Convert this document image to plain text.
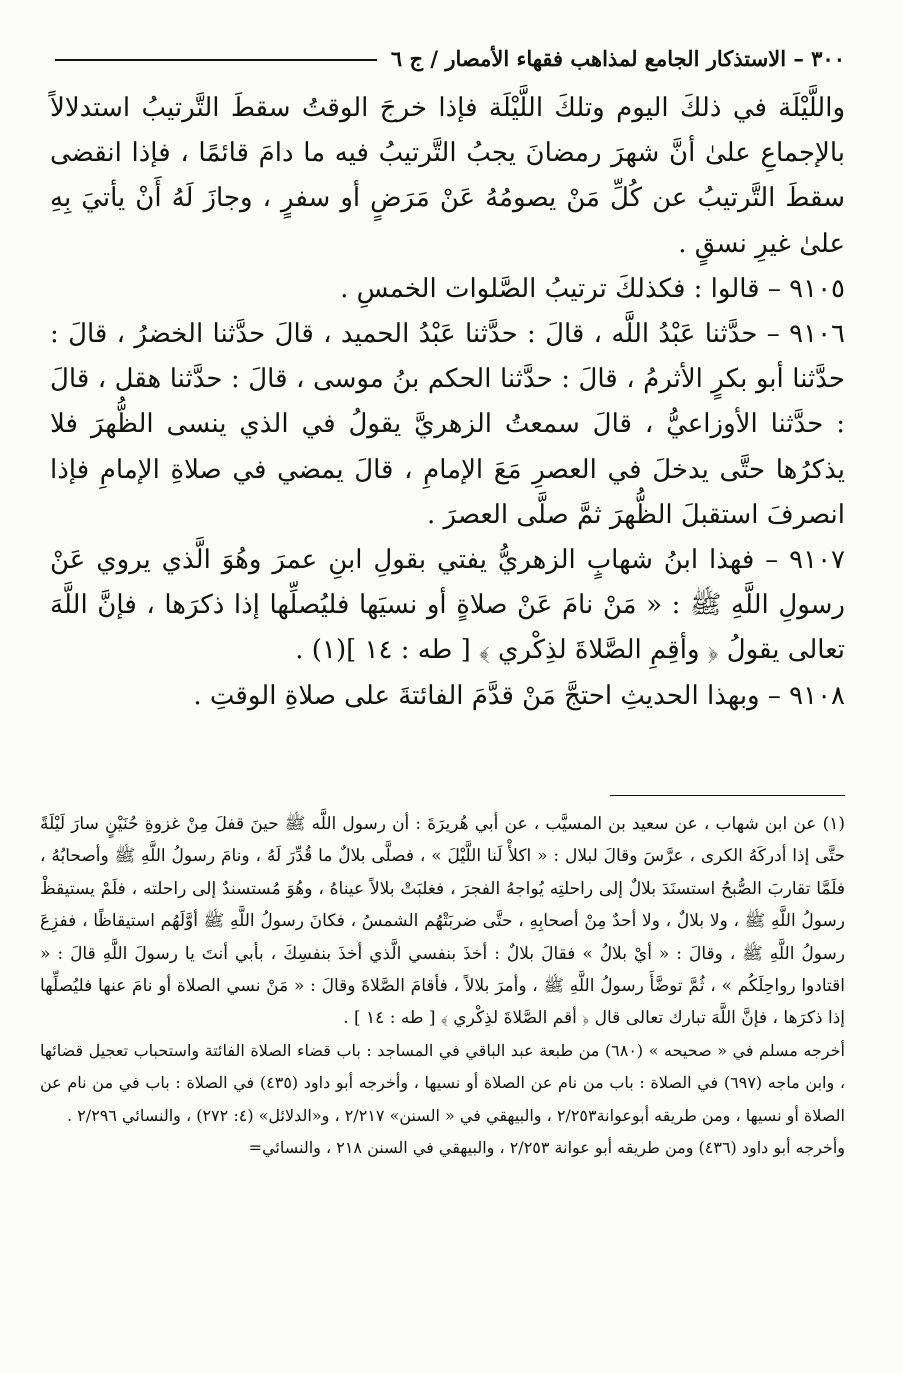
٣٠٠ – الاستذكار الجامع لمذاهب فقهاء الأمصار / ج ٦

واللَّيْلَة في ذلكَ اليوم وتلكَ اللَّيْلَة فإذا خرجَ الوقتُ سقطَ التَّرتيبُ استدلالاً بالإجماعِ علىٰ أنَّ شهرَ رمضانَ يجبُ التَّرتيبُ فيه ما دامَ قائمًا ، فإذا انقضى سقطَ التَّرتيبُ عن كُلِّ مَنْ يصومُهُ عَنْ مَرَضٍ أو سفرٍ ، وجازَ لَهُ أَنْ يأتيَ بِهِ علىٰ غيرِ نسقٍ .

٩١٠٥ – قالوا : فكذلكَ ترتيبُ الصَّلوات الخمسِ .

٩١٠٦ – حدَّثنا عَبْدُ اللَّه ، قالَ : حدَّثنا عَبْدُ الحميد ، قالَ حدَّثنا الخضرُ ، قالَ : حدَّثنا أبو بكرٍ الأثرمُ ، قالَ : حدَّثنا الحكم بنُ موسى ، قالَ : حدَّثنا هقل ، قالَ : حدَّثنا الأوزاعيُّ ، قالَ سمعتُ الزهريَّ يقولُ في الذي ينسى الظُّهرَ فلا يذكرُها حتَّى يدخلَ في العصرِ مَعَ الإمامِ ، قالَ يمضي في صلاةِ الإمامِ فإذا انصرفَ استقبلَ الظُّهرَ ثمَّ صلَّى العصرَ .

٩١٠٧ – فهذا ابنُ شهابٍ الزهريُّ يفتي بقولِ ابنِ عمرَ وهُوَ الَّذي يروي عَنْ رسولِ اللَّهِ ﷺ : « مَنْ نامَ عَنْ صلاةٍ أو نسيَها فليُصلِّها إذا ذكرَها ، فإنَّ اللَّهَ تعالى يقولُ ﴿ وأقِمِ الصَّلاةَ لذِكْري ﴾ [ طه : ١٤ ](١) .

٩١٠٨ – وبهذا الحديثِ احتجَّ مَنْ قدَّمَ الفائتةَ على صلاةِ الوقتِ .

(١) عن ابن شهاب ، عن سعيد بن المسيَّب ، عن أبي هُريرَةَ : أن رسول اللَّه ﷺ حينَ قفلَ مِنْ غزوةِ حُنَيْنٍ سارَ لَيْلَةً حتَّى إذا أدركَهُ الكرى ، عرَّسَ وقالَ لبلال : « اكلأْ لَنا اللَّيْلَ » ، فصلَّى بلالٌ ما قُدِّرَ لَهُ ، ونامَ رسولُ اللَّهِ ﷺ وأصحابُهُ ، فلَمَّا تقاربَ الصُّبحُ استسنَدَ بلالٌ إلى راحلتِه يُواجهُ الفجرَ ، فغلبَتْ بلالاً عيناهُ ، وهُوَ مُستسندٌ إلى راحلته ، فلَمْ يستيقظْ رسولُ اللَّهِ ﷺ ، ولا بلالٌ ، ولا أحدٌ مِنْ أصحابِهِ ، حتَّى ضربَتْهُم الشمسُ ، فكانَ رسولُ اللَّهِ ﷺ أوَّلَهُم استيقاظًا ، ففزِعَ رسولُ اللَّهِ ﷺ ، وقالَ : « أيْ بلالُ » فقالَ بلالٌ : أخذَ بنفسي الَّذي أخذَ بنفسِكَ ، بأبي أنتَ يا رسولَ اللَّهِ قالَ : « اقتادوا رواحِلَكُم » ، ثُمَّ توضَّأَ رسولُ اللَّهِ ﷺ ، وأمرَ بلالاً ، فأقامَ الصَّلاةَ وقالَ : « مَنْ نسي الصلاة أو نامَ عنها فليُصلِّها إذا ذكرَها ، فإنَّ اللَّهَ تبارك تعالى قال ﴿ أقم الصَّلاةَ لذِكْري ﴾ [ طه : ١٤ ] .

أخرجه مسلم في « صحيحه » (٦٨٠) من طبعة عبد الباقي في المساجد : باب قضاء الصلاة الفائتة واستحباب تعجيل قضائها ، وابن ماجه (٦٩٧) في الصلاة : باب من نام عن الصلاة أو نسيها ، وأخرجه أبو داود (٤٣٥) في الصلاة : باب في من نام عن الصلاة أو نسيها ، ومن طريقه أبوعوانة٢/٢٥٣ ، والبيهقي في « السنن» ٢/٢١٧ ، و«الدلائل» (٤: ٢٧٢) ، والنسائي ٢/٢٩٦ .

وأخرجه أبو داود (٤٣٦) ومن طريقه أبو عوانة ٢/٢٥٣ ، والبيهقي في السنن ٢١٨ ، والنسائي=
